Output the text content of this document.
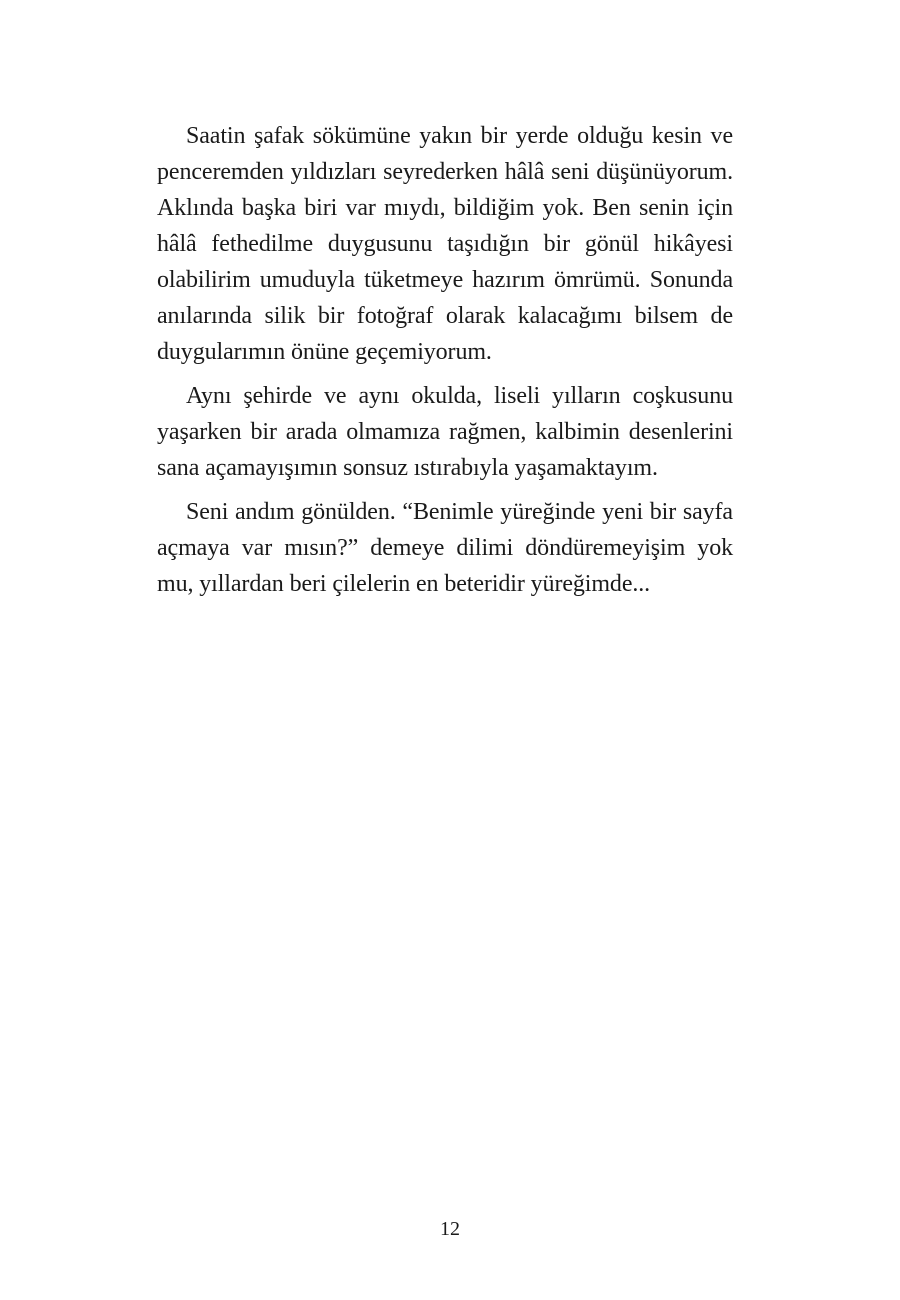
Saatin şafak sökümüne yakın bir yerde olduğu kesin ve penceremden yıldızları seyrederken hâlâ seni düşünüyorum. Aklında başka biri var mıydı, bildiğim yok. Ben senin için hâlâ fethedilme duygusunu taşıdığın bir gönül hikâyesi olabilirim umuduyla tüketmeye hazırım ömrümü. Sonunda anılarında silik bir fotoğraf olarak kalacağımı bilsem de duygularımın önüne geçemiyorum.

Aynı şehirde ve aynı okulda, liseli yılların coşkusunu yaşarken bir arada olmamıza rağmen, kalbimin desenlerini sana açamayışımın sonsuz ıstırabıyla yaşamaktayım.

Seni andım gönülden. “Benimle yüreğinde yeni bir sayfa açmaya var mısın?” demeye dilimi döndüremeyişim yok mu, yıllardan beri çilelerin en beteridir yüreğimde...

12
